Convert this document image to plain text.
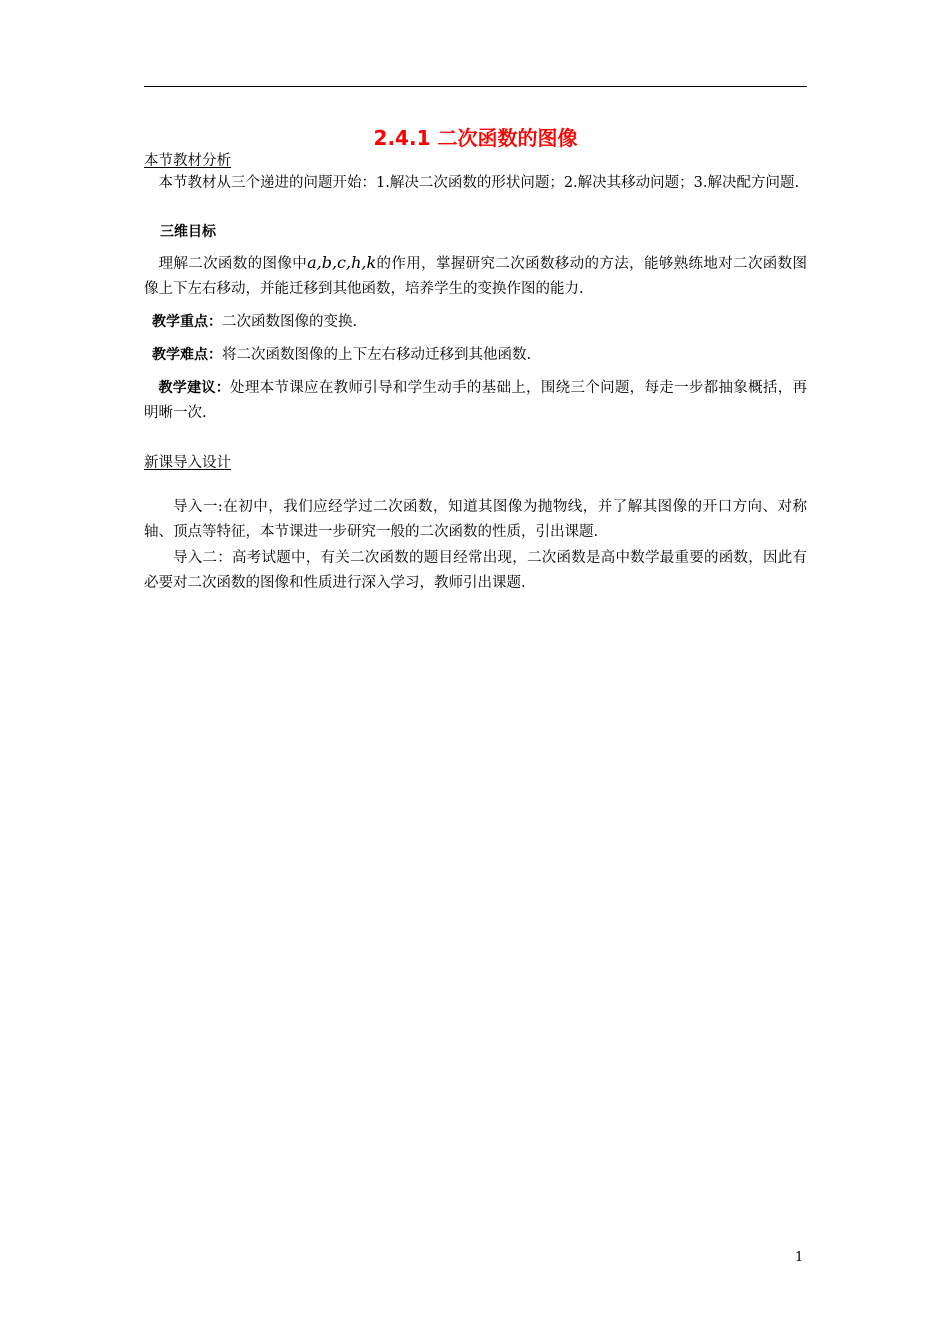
2.4.1 二次函数的图像
本节教材分析
本节教材从三个递进的问题开始：1.解决二次函数的形状问题；2.解决其移动问题；3.解决配方问题.
三维目标
理解二次函数的图像中a,b,c,h,k的作用，掌握研究二次函数移动的方法，能够熟练地对二次函数图像上下左右移动，并能迁移到其他函数，培养学生的变换作图的能力.
教学重点：二次函数图像的变换.
教学难点：将二次函数图像的上下左右移动迁移到其他函数.
教学建议：处理本节课应在教师引导和学生动手的基础上，围绕三个问题，每走一步都抽象概括，再明晰一次.
新课导入设计
导入一:在初中，我们应经学过二次函数，知道其图像为抛物线，并了解其图像的开口方向、对称轴、顶点等特征，本节课进一步研究一般的二次函数的性质，引出课题.
导入二：高考试题中，有关二次函数的题目经常出现，二次函数是高中数学最重要的函数，因此有必要对二次函数的图像和性质进行深入学习，教师引出课题.
1
